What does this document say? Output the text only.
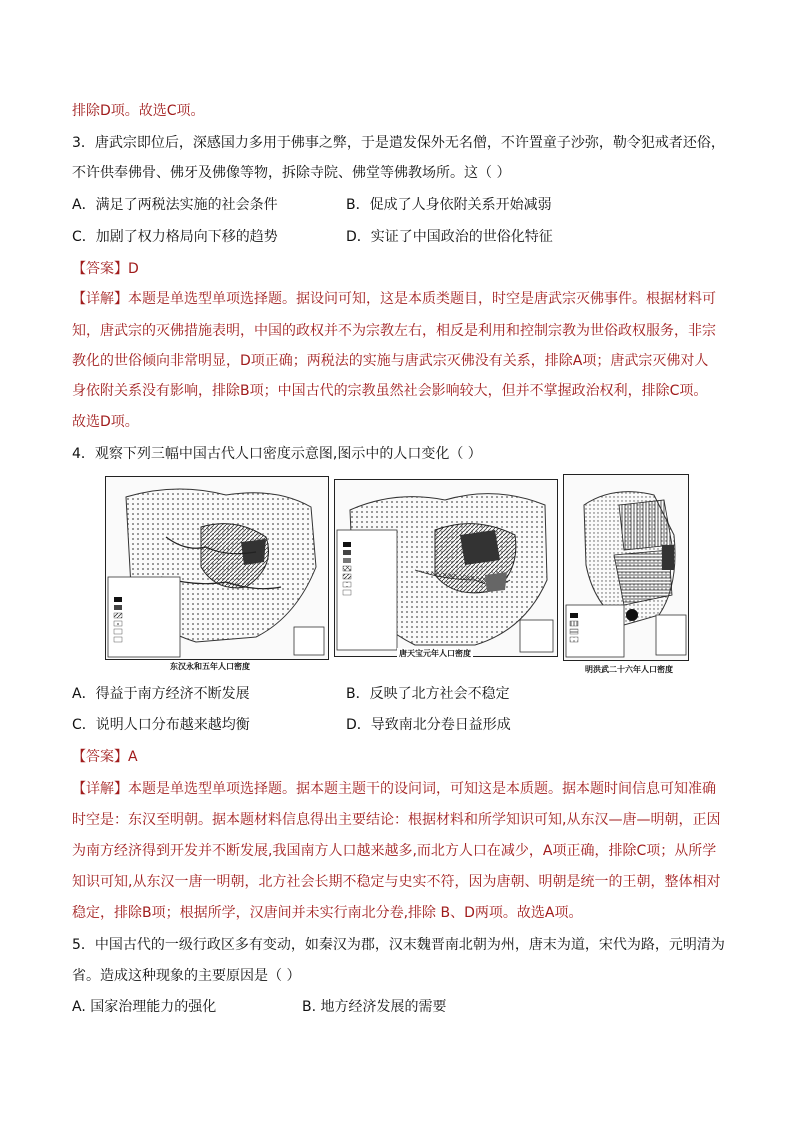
排除D项。故选C项。
3．唐武宗即位后，深感国力多用于佛事之弊，于是遣发保外无名僧，不许置童子沙弥，勒令犯戒者还俗，
不许供奉佛骨、佛牙及佛像等物，拆除寺院、佛堂等佛教场所。这（ ）
A．满足了两税法实施的社会条件	B．促成了人身依附关系开始减弱
C．加剧了权力格局向下移的趋势	D．实证了中国政治的世俗化特征
【答案】D
【详解】本题是单选型单项选择题。据设问可知，这是本质类题目，时空是唐武宗灭佛事件。根据材料可
知，唐武宗的灭佛措施表明，中国的政权并不为宗教左右，相反是利用和控制宗教为世俗政权服务，非宗
教化的世俗倾向非常明显，D项正确；两税法的实施与唐武宗灭佛没有关系，排除A项；唐武宗灭佛对人
身依附关系没有影响，排除B项；中国古代的宗教虽然社会影响较大，但并不掌握政治权利，排除C项。
故选D项。
4．观察下列三幅中国古代人口密度示意图,图示中的人口变化（ ）
东汉永和五年人口密度
唐天宝元年人口密度
明洪武二十六年人口密度
A．得益于南方经济不断发展	B．反映了北方社会不稳定
C．说明人口分布越来越均衡	D．导致南北分卷日益形成
【答案】A
【详解】本题是单选型单项选择题。据本题主题干的设问词，可知这是本质题。据本题时间信息可知准确
时空是：东汉至明朝。据本题材料信息得出主要结论：根据材料和所学知识可知,从东汉—唐—明朝，正因
为南方经济得到开发并不断发展,我国南方人口越来越多,而北方人口在减少，A项正确，排除C项；从所学
知识可知,从东汉一唐一明朝，北方社会长期不稳定与史实不符，因为唐朝、明朝是统一的王朝，整体相对
稳定，排除B项；根据所学，汉唐间并未实行南北分卷,排除 B、D两项。故选A项。
5．中国古代的一级行政区多有变动，如秦汉为郡，汉末魏晋南北朝为州，唐末为道，宋代为路，元明清为
省。造成这种现象的主要原因是（ ）
A. 国家治理能力的强化	B. 地方经济发展的需要
